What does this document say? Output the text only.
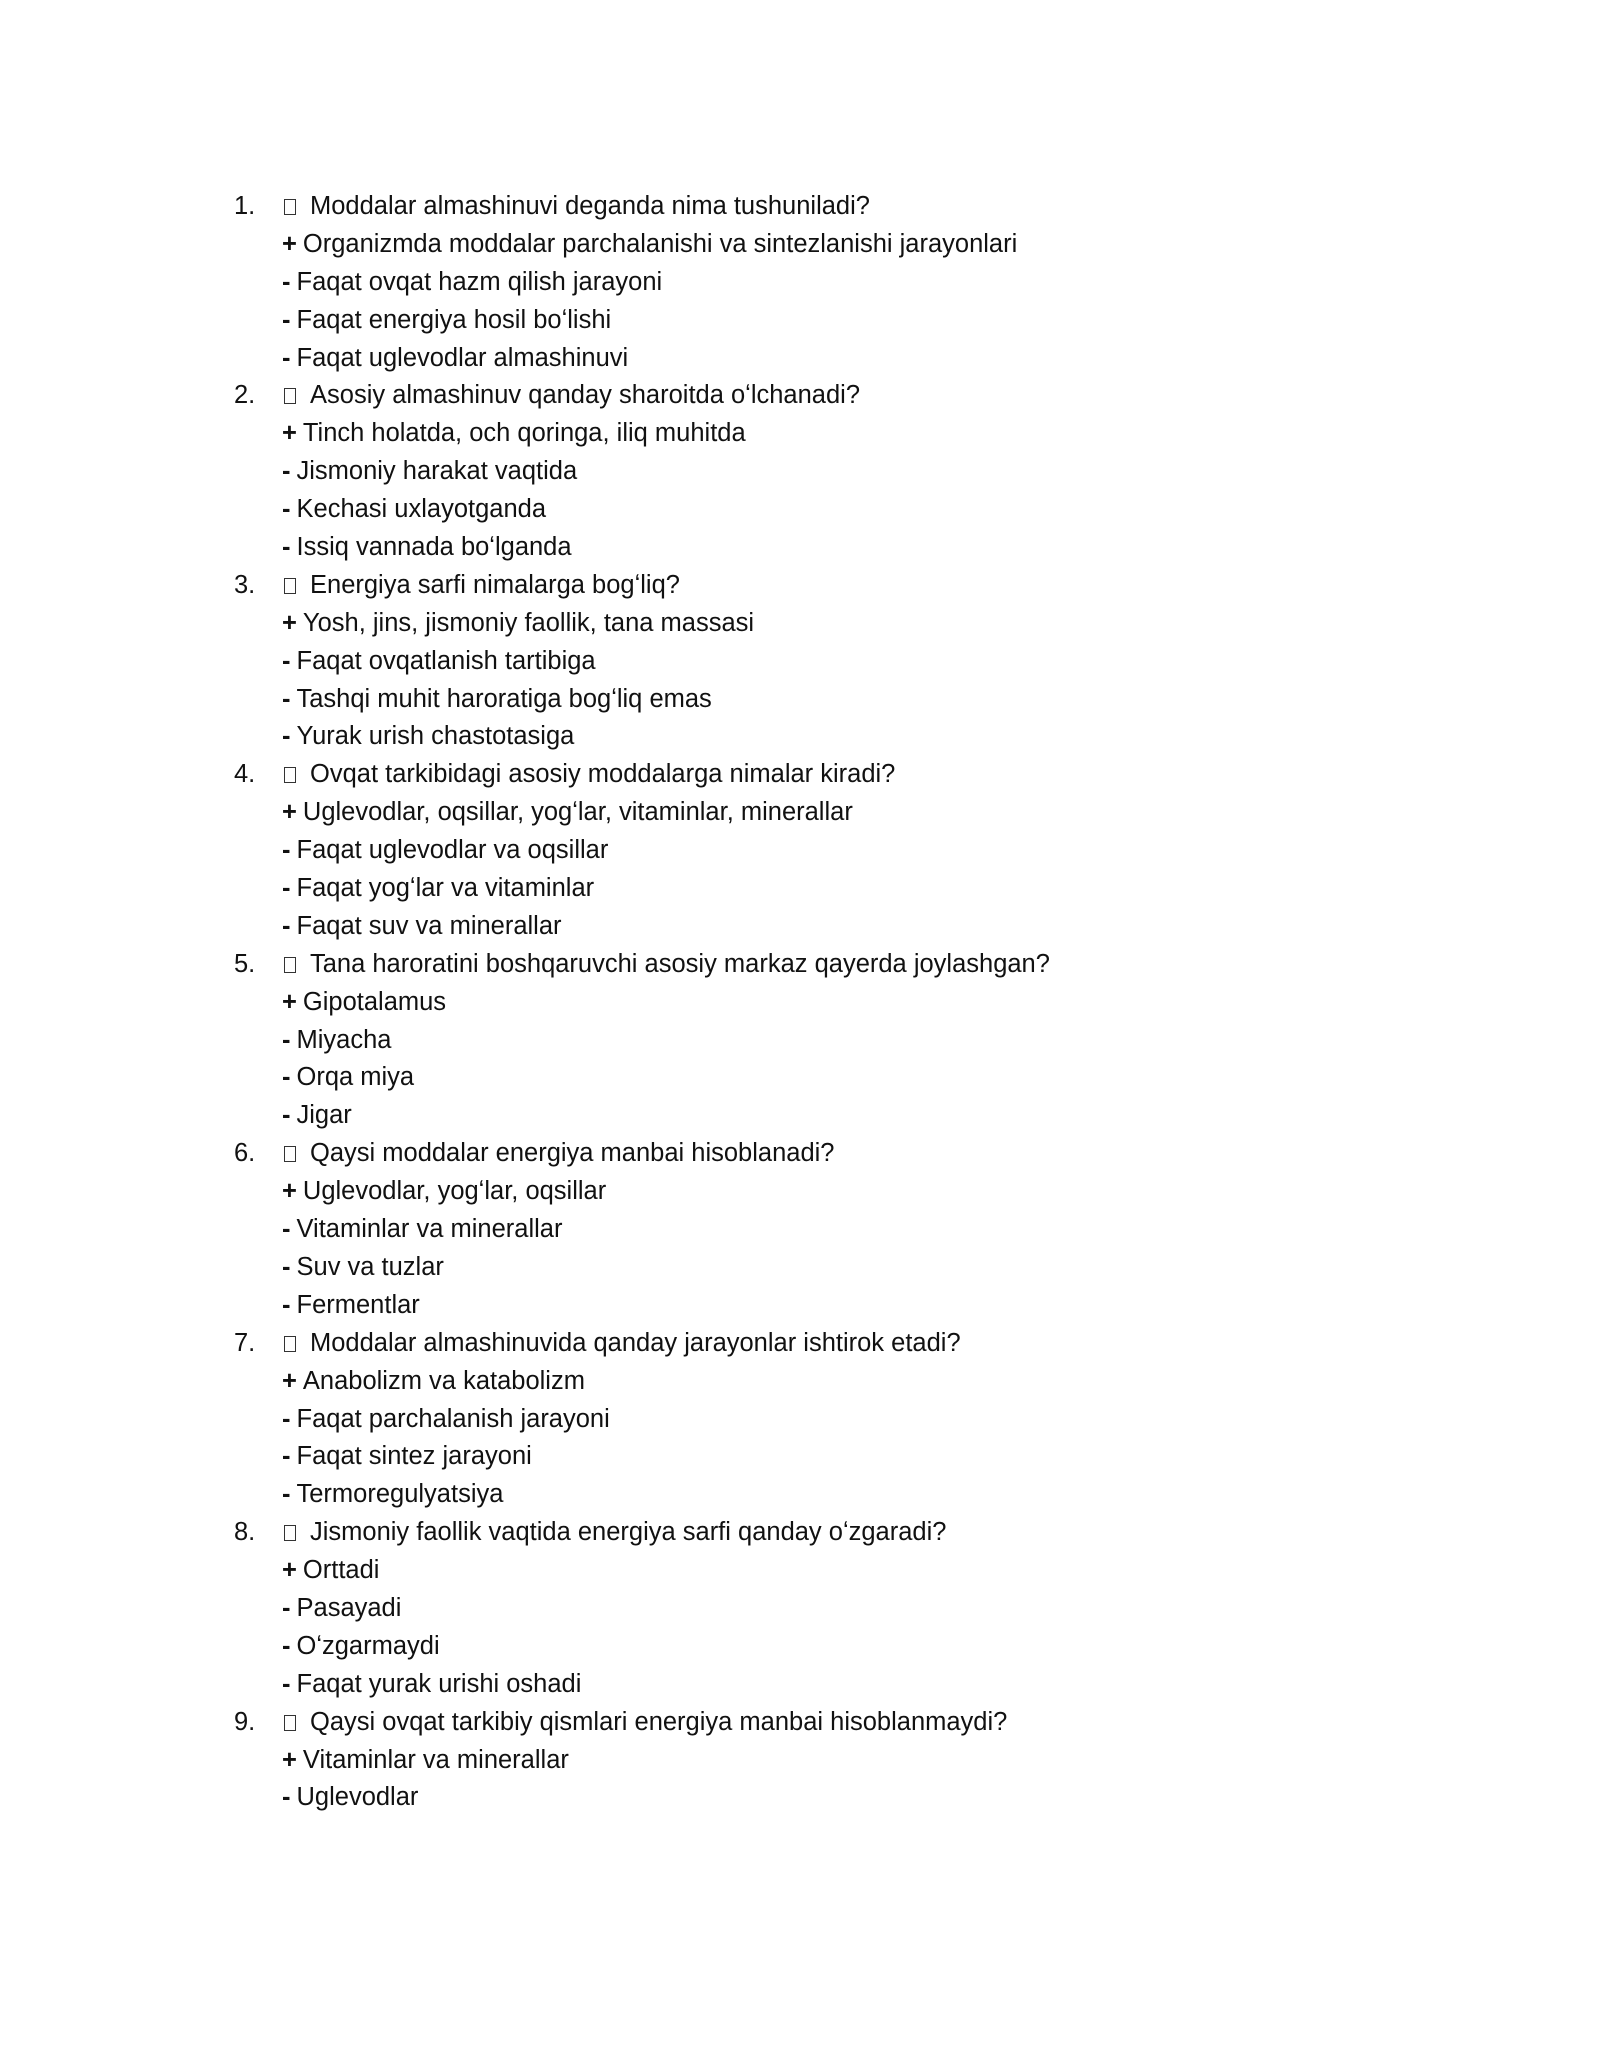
1.	Moddalar almashinuvi deganda nima tushuniladi?
+ Organizmda moddalar parchalanishi va sintezlanishi jarayonlari
- Faqat ovqat hazm qilish jarayoni
- Faqat energiya hosil boʻlishi
- Faqat uglevodlar almashinuvi
2.	Asosiy almashinuv qanday sharoitda oʻlchanadi?
+ Tinch holatda, och qoringa, iliq muhitda
- Jismoniy harakat vaqtida
- Kechasi uxlayotganda
- Issiq vannada boʻlganda
3.	Energiya sarfi nimalarga bogʻliq?
+ Yosh, jins, jismoniy faollik, tana massasi
- Faqat ovqatlanish tartibiga
- Tashqi muhit haroratiga bogʻliq emas
- Yurak urish chastotasiga
4.	Ovqat tarkibidagi asosiy moddalarga nimalar kiradi?
+ Uglevodlar, oqsillar, yogʻlar, vitaminlar, minerallar
- Faqat uglevodlar va oqsillar
- Faqat yogʻlar va vitaminlar
- Faqat suv va minerallar
5.	Tana haroratini boshqaruvchi asosiy markaz qayerda joylashgan?
+ Gipotalamus
- Miyacha
- Orqa miya
- Jigar
6.	Qaysi moddalar energiya manbai hisoblanadi?
+ Uglevodlar, yogʻlar, oqsillar
- Vitaminlar va minerallar
- Suv va tuzlar
- Fermentlar
7.	Moddalar almashinuvida qanday jarayonlar ishtirok etadi?
+ Anabolizm va katabolizm
- Faqat parchalanish jarayoni
- Faqat sintez jarayoni
- Termoregulyatsiya
8.	Jismoniy faollik vaqtida energiya sarfi qanday oʻzgaradi?
+ Orttadi
- Pasayadi
- Oʻzgarmaydi
- Faqat yurak urishi oshadi
9.	Qaysi ovqat tarkibiy qismlari energiya manbai hisoblanmaydi?
+ Vitaminlar va minerallar
- Uglevodlar
